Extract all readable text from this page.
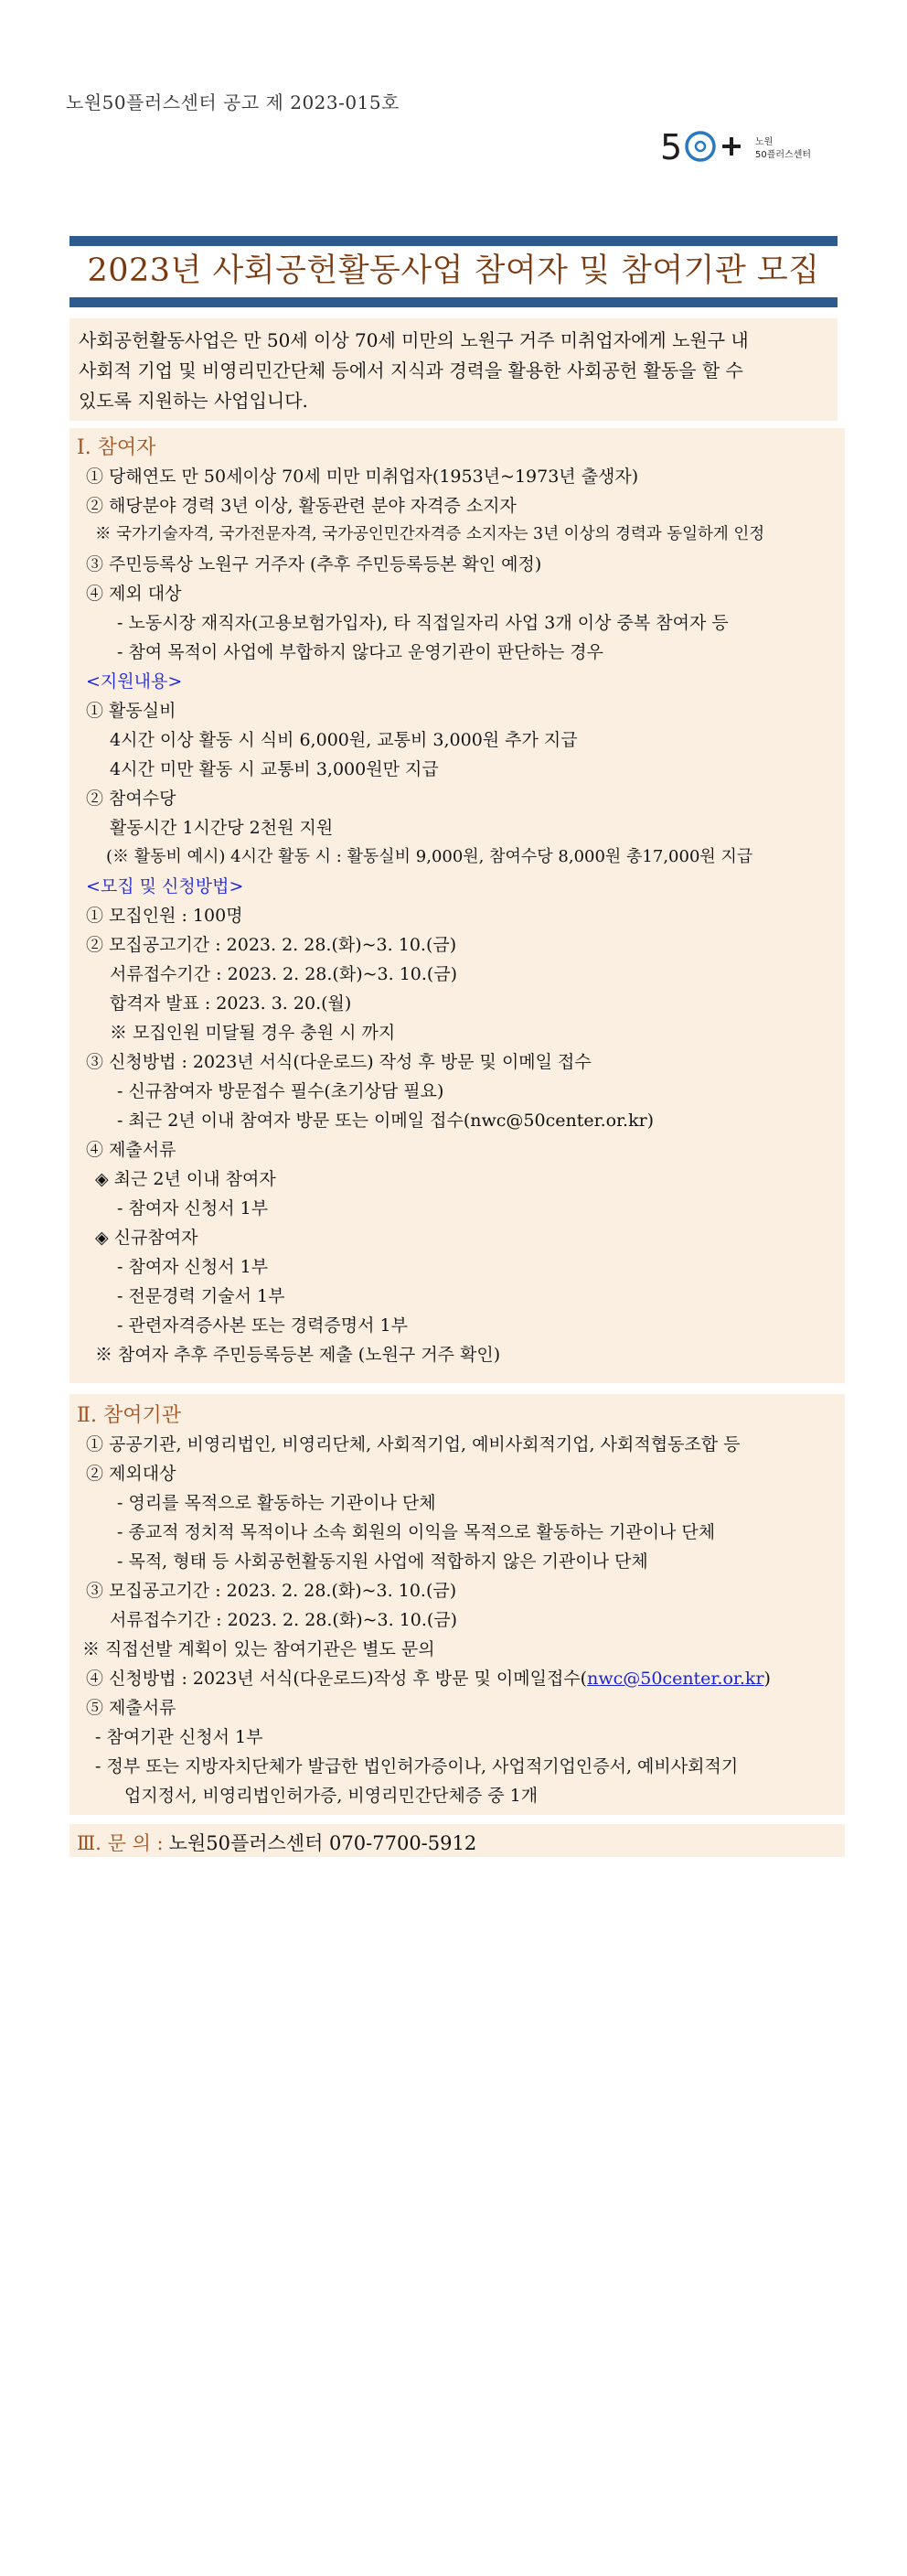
노원50플러스센터 공고 제 2023-015호
5	노원
50플러스센터
2023년 사회공헌활동사업 참여자 및 참여기관 모집
사회공헌활동사업은 만 50세 이상 70세 미만의 노원구 거주 미취업자에게 노원구 내
사회적 기업 및 비영리민간단체 등에서 지식과 경력을 활용한 사회공헌 활동을 할 수
있도록 지원하는 사업입니다.
Ⅰ. 참여자
① 당해연도 만 50세이상 70세 미만 미취업자(1953년~1973년 출생자)
② 해당분야 경력 3년 이상, 활동관련 분야 자격증 소지자
※ 국가기술자격, 국가전문자격, 국가공인민간자격증 소지자는 3년 이상의 경력과 동일하게 인정
③ 주민등록상 노원구 거주자 (추후 주민등록등본 확인 예정)
④ 제외 대상
- 노동시장 재직자(고용보험가입자), 타 직접일자리 사업 3개 이상 중복 참여자 등
- 참여 목적이 사업에 부합하지 않다고 운영기관이 판단하는 경우
<지원내용>
① 활동실비
4시간 이상 활동 시 식비 6,000원, 교통비 3,000원 추가 지급
4시간 미만 활동 시 교통비 3,000원만 지급
② 참여수당
활동시간 1시간당 2천원 지원
(※ 활동비 예시) 4시간 활동 시 : 활동실비 9,000원, 참여수당 8,000원 총17,000원 지급
<모집 및 신청방법>
① 모집인원 : 100명
② 모집공고기간 : 2023. 2. 28.(화)~3. 10.(금)
서류접수기간 : 2023. 2. 28.(화)~3. 10.(금)
합격자 발표 : 2023. 3. 20.(월)
※ 모집인원 미달될 경우 충원 시 까지
③ 신청방법 : 2023년 서식(다운로드) 작성 후 방문 및 이메일 접수
- 신규참여자 방문접수 필수(초기상담 필요)
- 최근 2년 이내 참여자 방문 또는 이메일 접수(nwc@50center.or.kr)
④ 제출서류
◈ 최근 2년 이내 참여자
- 참여자 신청서 1부
◈ 신규참여자
- 참여자 신청서 1부
- 전문경력 기술서 1부
- 관련자격증사본 또는 경력증명서 1부
※ 참여자 추후 주민등록등본 제출 (노원구 거주 확인)
Ⅱ. 참여기관
① 공공기관, 비영리법인, 비영리단체, 사회적기업, 예비사회적기업, 사회적협동조합 등
② 제외대상
- 영리를 목적으로 활동하는 기관이나 단체
- 종교적 정치적 목적이나 소속 회원의 이익을 목적으로 활동하는 기관이나 단체
- 목적, 형태 등 사회공헌활동지원 사업에 적합하지 않은 기관이나 단체
③ 모집공고기간 : 2023. 2. 28.(화)~3. 10.(금)
서류접수기간 : 2023. 2. 28.(화)~3. 10.(금)
※ 직접선발 계획이 있는 참여기관은 별도 문의
④ 신청방법 : 2023년 서식(다운로드)작성 후 방문 및 이메일접수(nwc@50center.or.kr)
⑤ 제출서류
- 참여기관 신청서 1부
- 정부 또는 지방자치단체가 발급한 법인허가증이나, 사업적기업인증서, 예비사회적기
업지정서, 비영리법인허가증, 비영리민간단체증 중 1개
Ⅲ. 문 의 : 노원50플러스센터 070-7700-5912
